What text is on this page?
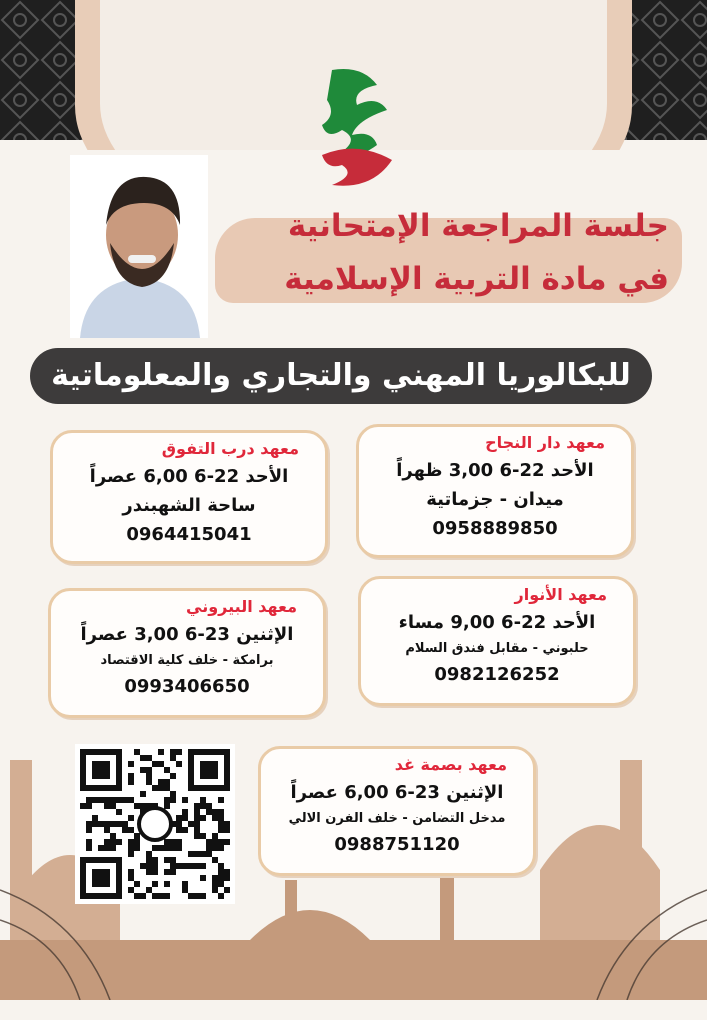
جلسة المراجعة الإمتحانية
في مادة التربية الإسلامية
للبكالوريا المهني والتجاري والمعلوماتية
معهد دار النجاح
الأحد 22-6 3,00 ظهراً
ميدان - جزماتية
0958889850
معهد درب التفوق
الأحد 22-6 6,00 عصراً
ساحة الشهبندر
0964415041
معهد الأنوار
الأحد 22-6 9,00 مساء
حلبوني - مقابل فندق السلام
0982126252
معهد البيروني
الإثنين 23-6 3,00 عصراً
برامكة - خلف كلية الاقتصاد
0993406650
معهد بصمة غد
الإثنين 23-6 6,00 عصراً
مدخل التضامن - خلف الفرن الالي
0988751120
